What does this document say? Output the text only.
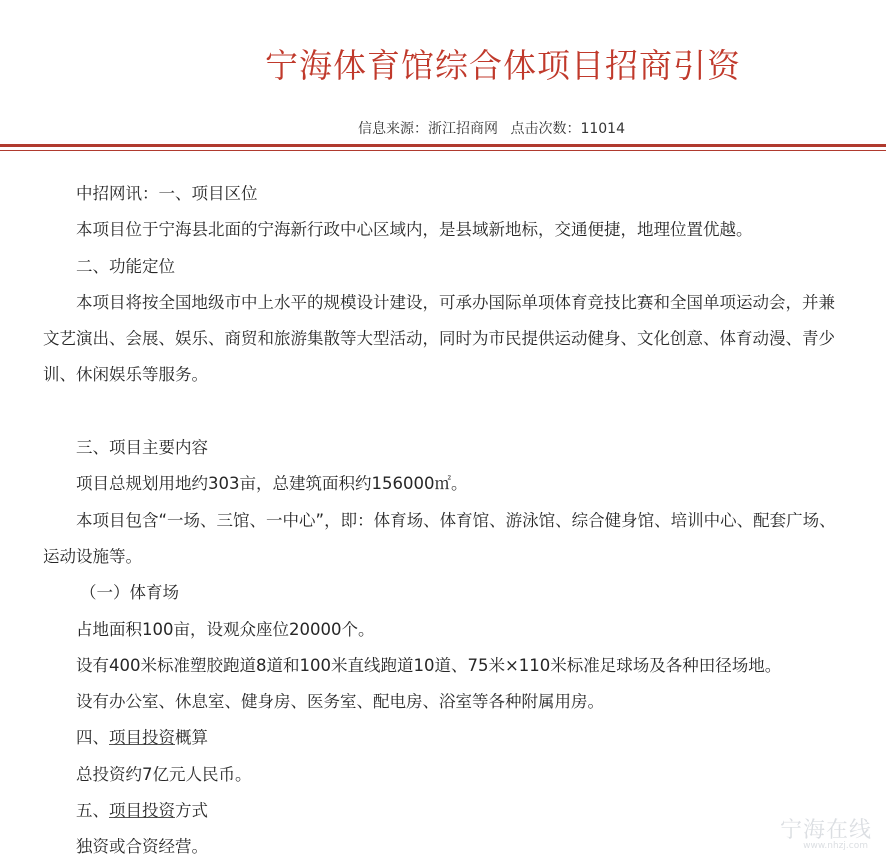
宁海体育馆综合体项目招商引资
信息来源：浙江招商网 点击次数：11014
中招网讯：一、项目区位
本项目位于宁海县北面的宁海新行政中心区域内，是县域新地标，交通便捷，地理位置优越。
二、功能定位
本项目将按全国地级市中上水平的规模设计建设，可承办国际单项体育竞技比赛和全国单项运动会，并兼
文艺演出、会展、娱乐、商贸和旅游集散等大型活动，同时为市民提供运动健身、文化创意、体育动漫、青少
训、休闲娱乐等服务。
三、项目主要内容
项目总规划用地约303亩，总建筑面积约156000㎡。
本项目包含“一场、三馆、一中心”，即：体育场、体育馆、游泳馆、综合健身馆、培训中心、配套广场、
运动设施等。
（一）体育场
占地面积100亩，设观众座位20000个。
设有400米标准塑胶跑道8道和100米直线跑道10道、75米×110米标准足球场及各种田径场地。
设有办公室、休息室、健身房、医务室、配电房、浴室等各种附属用房。
四、项目投资概算
总投资约7亿元人民币。
五、项目投资方式
独资或合资经营。
宁海在线
www.nhzj.com
